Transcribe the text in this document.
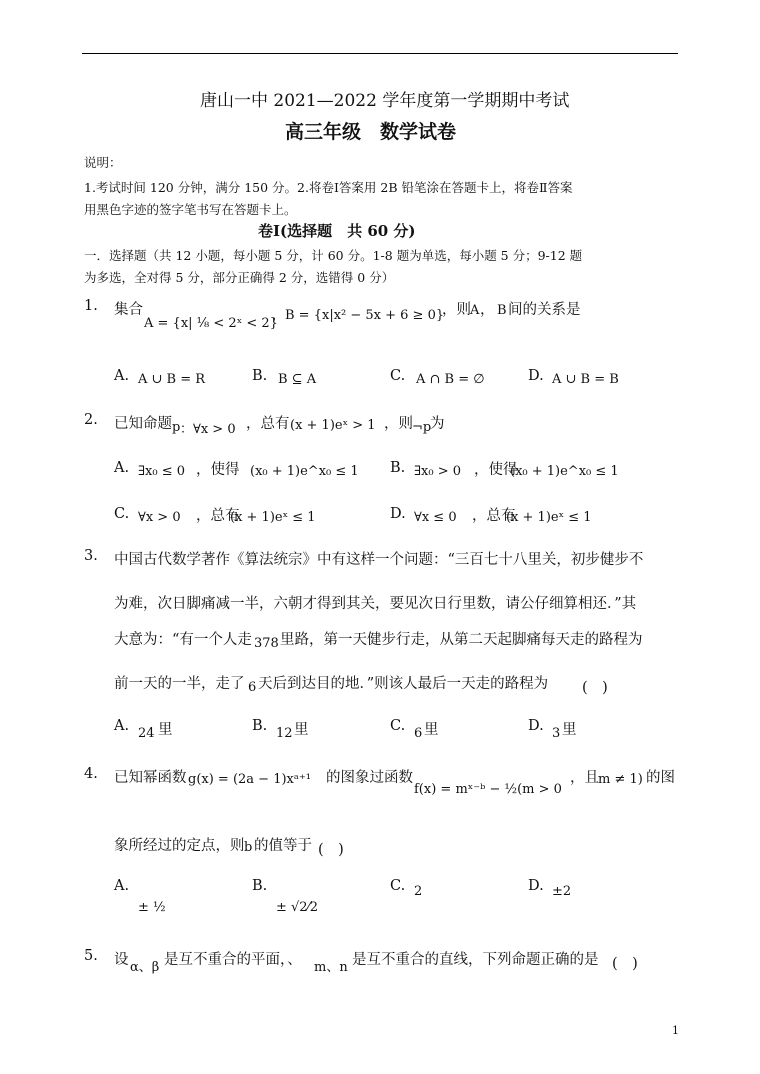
唐山一中 2021—2022 学年度第一学期期中考试
高三年级　数学试卷
说明：
1.考试时间 120 分钟，满分 150 分。2.将卷Ⅰ答案用 2B 铅笔涂在答题卡上，将卷Ⅱ答案
用黑色字迹的签字笔书写在答题卡上。
卷Ⅰ(选择题　共 60 分)
一．选择题（共 12 小题，每小题 5 分，计 60 分。1-8 题为单选，每小题 5 分；9-12 题
为多选，全对得 5 分，部分正确得 2 分，选错得 0 分）
1. 集合
A = {x| ⅛ < 2ˣ < 2}
，B = {x|x² − 5x + 6 ≥ 0}
，则 A ， B 间的关系是
A. A ∪ B = R	B. B ⊆ A	C. A ∩ B = ∅	D. A ∪ B = B
2. 已知命题 p ：∀x > 0 ，总有 (x + 1)eˣ > 1 ，则 ¬p
为
A. ∃x₀ ≤ 0 ，使得 (x₀ + 1)e^x₀ ≤ 1 B. ∃x₀ > 0 ，使得
(x₀ + 1)e^x₀ ≤ 1
C. ∀x > 0 ，总有
(x + 1)eˣ ≤ 1	D. ∀x ≤ 0 ，总有
(x + 1)eˣ ≤ 1
3. 中国古代数学著作《算法统宗》中有这样一个问题：“三百七十八里关，初步健步不
为难，次日脚痛减一半，六朝才得到其关，要见次日行里数，请公仔细算相还．”其
大意为：“有一个人走 378 里路，第一天健步行走，从第二天起脚痛每天走的路程为
前一天的一半，走了 6 天后到达目的地．”则该人最后一天走的路程为 (　)
A. 24 里	B. 12 里	C. 6 里	D. 3 里
4. 已知幂函数 g(x) = (2a − 1)xᵃ⁺¹ 的图象过函数
f(x) = mˣ⁻ᵇ − ½(m > 0
，且 m ≠ 1) 的图
象所经过的定点，则 b 的值等于 (　)
A.
± ½
B.
± √2⁄2
C. 2	D. ±2
5. 设 α、β 是互不重合的平面，、 m、n 是互不重合的直线，下列命题正确的是 (　)
1
